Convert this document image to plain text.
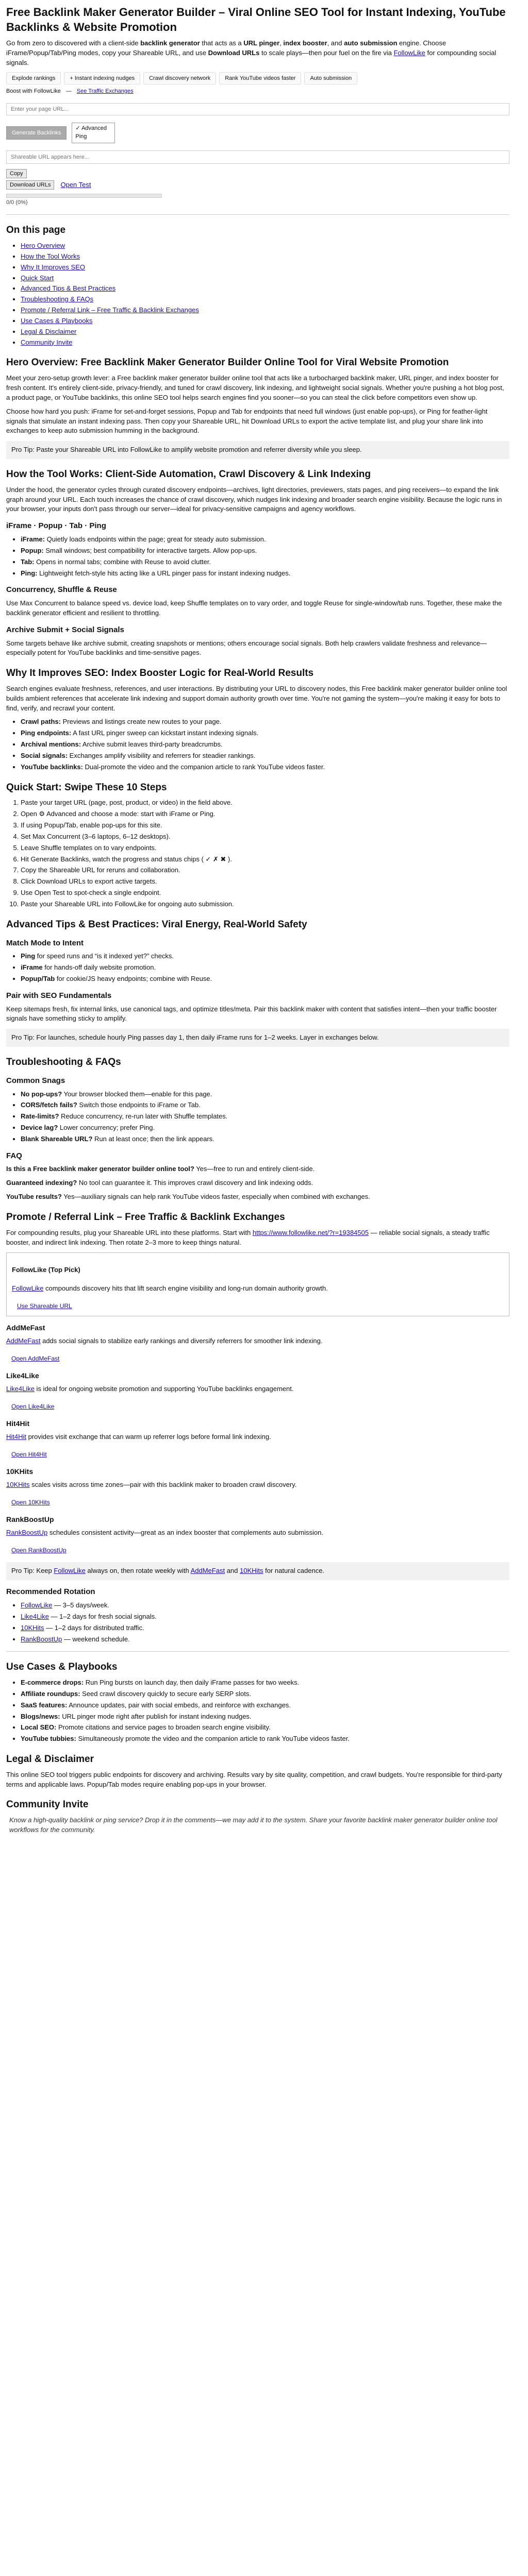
Free Backlink Maker Generator Builder – Viral Online SEO Tool for Instant Indexing, YouTube Backlinks & Website Promotion

Go from zero to discovered with a client-side backlink generator that acts as a URL pinger, index booster, and auto submission engine. Choose iFrame/Popup/Tab/Ping modes, copy your Shareable URL, and use Download URLs to scale plays—then pour fuel on the fire via FollowLike for compounding social signals.

Explode rankings	+ Instant indexing nudges	Crawl discovery network	Rank YouTube videos faster	Auto submission
Boost with FollowLike — See Traffic Exchanges
Enter your page URL...
Generate Backlinks
✓ Advanced
Ping
Shareable URL appears here...
Copy
Download URLs	Open Test
0/0 (0%)
On this page
• Hero Overview
• How the Tool Works
• Why It Improves SEO
• Quick Start
• Advanced Tips & Best Practices
• Troubleshooting & FAQs
• Promote / Referral Link – Free Traffic & Backlink Exchanges
• Use Cases & Playbooks
• Legal & Disclaimer
• Community Invite
Hero Overview: Free Backlink Maker Generator Builder Online Tool for Viral Website Promotion

Meet your zero-setup growth lever: a Free backlink maker generator builder online tool that acts like a turbocharged backlink maker, URL pinger, and index booster for fresh content. It's entirely client-side, privacy-friendly, and tuned for crawl discovery, link indexing, and lightweight social signals. Whether you're pushing a hot blog post, a product page, or YouTube backlinks, this online SEO tool helps search engines find you sooner—so you can steal the click before competitors even show up.

Choose how hard you push: iFrame for set-and-forget sessions, Popup and Tab for endpoints that need full windows (just enable pop-ups), or Ping for feather-light signals that simulate an instant indexing pass. Then copy your Shareable URL, hit Download URLs to export the active template list, and plug your share link into exchanges to keep auto submission humming in the background.

Pro Tip: Paste your Shareable URL into FollowLike to amplify website promotion and referrer diversity while you sleep.
How the Tool Works: Client-Side Automation, Crawl Discovery & Link Indexing

Under the hood, the generator cycles through curated discovery endpoints—archives, light directories, previewers, stats pages, and ping receivers—to expand the link graph around your URL. Each touch increases the chance of crawl discovery, which nudges link indexing and broader search engine visibility. Because the logic runs in your browser, your inputs don't pass through our server—ideal for privacy-sensitive campaigns and agency workflows.

iFrame · Popup · Tab · Ping
• iFrame: Quietly loads endpoints within the page; great for steady auto submission.
• Popup: Small windows; best compatibility for interactive targets. Allow pop-ups.
• Tab: Opens in normal tabs; combine with Reuse to avoid clutter.
• Ping: Lightweight fetch-style hits acting like a URL pinger pass for instant indexing nudges.
Concurrency, Shuffle & Reuse

Use Max Concurrent to balance speed vs. device load, keep Shuffle templates on to vary order, and toggle Reuse for single-window/tab runs. Together, these make the backlink generator efficient and resilient to throttling.

Archive Submit + Social Signals

Some targets behave like archive submit, creating snapshots or mentions; others encourage social signals. Both help crawlers validate freshness and relevance—especially potent for YouTube backlinks and time-sensitive pages.

Why It Improves SEO: Index Booster Logic for Real-World Results

Search engines evaluate freshness, references, and user interactions. By distributing your URL to discovery nodes, this Free backlink maker generator builder online tool builds ambient references that accelerate link indexing and support domain authority growth over time. You're not gaming the system—you're making it easy for bots to find, verify, and recrawl your content.

• Crawl paths: Previews and listings create new routes to your page.
• Ping endpoints: A fast URL pinger sweep can kickstart instant indexing signals.
• Archival mentions: Archive submit leaves third-party breadcrumbs.
• Social signals: Exchanges amplify visibility and referrers for steadier rankings.
• YouTube backlinks: Dual-promote the video and the companion article to rank YouTube videos faster.
Quick Start: Swipe These 10 Steps
1. Paste your target URL (page, post, product, or video) in the field above.
2. Open ⚙ Advanced and choose a mode: start with iFrame or Ping.
3. If using Popup/Tab, enable pop-ups for this site.
4. Set Max Concurrent (3–6 laptops, 6–12 desktops).
5. Leave Shuffle templates on to vary endpoints.
6. Hit Generate Backlinks, watch the progress and status chips ( ✓ ✗ ✖ ).
7. Copy the Shareable URL for reruns and collaboration.
8. Click Download URLs to export active targets.
9. Use Open Test to spot-check a single endpoint.
10. Paste your Shareable URL into FollowLike for ongoing auto submission.
Advanced Tips & Best Practices: Viral Energy, Real-World Safety
Match Mode to Intent
• Ping for speed runs and “is it indexed yet?” checks.
• iFrame for hands-off daily website promotion.
• Popup/Tab for cookie/JS heavy endpoints; combine with Reuse.
Pair with SEO Fundamentals

Keep sitemaps fresh, fix internal links, use canonical tags, and optimize titles/meta. Pair this backlink maker with content that satisfies intent—then your traffic booster signals have something sticky to amplify.

Pro Tip: For launches, schedule hourly Ping passes day 1, then daily iFrame runs for 1–2 weeks. Layer in exchanges below.
Troubleshooting & FAQs
Common Snags
• No pop-ups? Your browser blocked them—enable for this page.
• CORS/fetch fails? Switch those endpoints to iFrame or Tab.
• Rate-limits? Reduce concurrency, re-run later with Shuffle templates.
• Device lag? Lower concurrency; prefer Ping.
• Blank Shareable URL? Run at least once; then the link appears.
FAQ

Is this a Free backlink maker generator builder online tool? Yes—free to run and entirely client-side.

Guaranteed indexing? No tool can guarantee it. This improves crawl discovery and link indexing odds.

YouTube results? Yes—auxiliary signals can help rank YouTube videos faster, especially when combined with exchanges.

Promote / Referral Link – Free Traffic & Backlink Exchanges

For compounding results, plug your Shareable URL into these platforms. Start with https://www.followlike.net/?r=19384505 — reliable social signals, a steady traffic booster, and indirect link indexing. Then rotate 2–3 more to keep things natural.

FollowLike (Top Pick)

FollowLike compounds discovery hits that lift search engine visibility and long-run domain authority growth.

Use Shareable URL
AddMeFast

AddMeFast adds social signals to stabilize early rankings and diversify referrers for smoother link indexing.

Open AddMeFast
Like4Like

Like4Like is ideal for ongoing website promotion and supporting YouTube backlinks engagement.

Open Like4Like
Hit4Hit

Hit4Hit provides visit exchange that can warm up referrer logs before formal link indexing.

Open Hit4Hit
10KHits

10KHits scales visits across time zones—pair with this backlink maker to broaden crawl discovery.

Open 10KHits
RankBoostUp

RankBoostUp schedules consistent activity—great as an index booster that complements auto submission.

Open RankBoostUp
Pro Tip: Keep FollowLike always on, then rotate weekly with AddMeFast and 10KHits for natural cadence.
Recommended Rotation
• FollowLike — 3–5 days/week.
• Like4Like — 1–2 days for fresh social signals.
• 10KHits — 1–2 days for distributed traffic.
• RankBoostUp — weekend schedule.
Use Cases & Playbooks
• E-commerce drops: Run Ping bursts on launch day, then daily iFrame passes for two weeks.
• Affiliate roundups: Seed crawl discovery quickly to secure early SERP slots.
• SaaS features: Announce updates, pair with social embeds, and reinforce with exchanges.
• Blogs/news: URL pinger mode right after publish for instant indexing nudges.
• Local SEO: Promote citations and service pages to broaden search engine visibility.
• YouTube tubbies: Simultaneously promote the video and the companion article to rank YouTube videos faster.
Legal & Disclaimer

This online SEO tool triggers public endpoints for discovery and archiving. Results vary by site quality, competition, and crawl budgets. You're responsible for third-party terms and applicable laws. Popup/Tab modes require enabling pop-ups in your browser.

Community Invite
Know a high-quality backlink or ping service? Drop it in the comments—we may add it to the system. Share your favorite backlink maker generator builder online tool workflows for the community.
